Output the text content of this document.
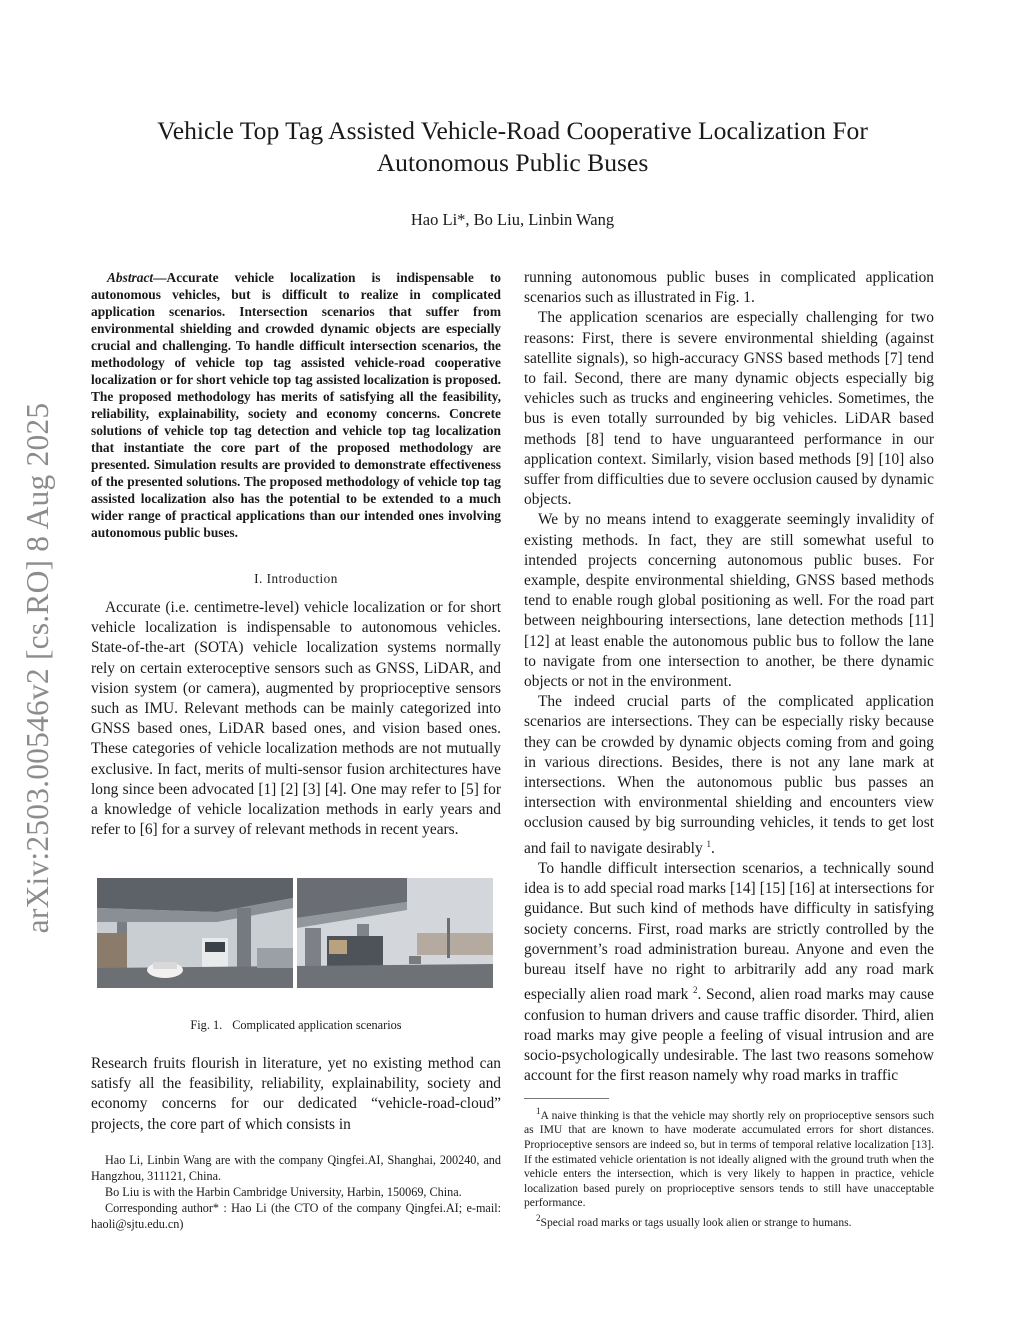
arXiv:2503.00546v2 [cs.RO] 8 Aug 2025
Vehicle Top Tag Assisted Vehicle-Road Cooperative Localization For
Autonomous Public Buses
Hao Li*, Bo Liu, Linbin Wang

Abstract—Accurate vehicle localization is indispensable to autonomous vehicles, but is difficult to realize in complicated application scenarios. Intersection scenarios that suffer from environmental shielding and crowded dynamic objects are especially crucial and challenging. To handle difficult intersection scenarios, the methodology of vehicle top tag assisted vehicle-road cooperative localization or for short vehicle top tag assisted localization is proposed. The proposed methodology has merits of satisfying all the feasibility, reliability, explainability, society and economy concerns. Concrete solutions of vehicle top tag detection and vehicle top tag localization that instantiate the core part of the proposed methodology are presented. Simulation results are provided to demonstrate effectiveness of the presented solutions. The proposed methodology of vehicle top tag assisted localization also has the potential to be extended to a much wider range of practical applications than our intended ones involving autonomous public buses.

I. Introduction

Accurate (i.e. centimetre-level) vehicle localization or for short vehicle localization is indispensable to autonomous vehicles. State-of-the-art (SOTA) vehicle localization systems normally rely on certain exteroceptive sensors such as GNSS, LiDAR, and vision system (or camera), augmented by proprioceptive sensors such as IMU. Relevant methods can be mainly categorized into GNSS based ones, LiDAR based ones, and vision based ones. These categories of vehicle localization methods are not mutually exclusive. In fact, merits of multi-sensor fusion architectures have long since been advocated [1] [2] [3] [4]. One may refer to [5] for a knowledge of vehicle localization methods in early years and refer to [6] for a survey of relevant methods in recent years.

Fig. 1. Complicated application scenarios

Research fruits flourish in literature, yet no existing method can satisfy all the feasibility, reliability, explainability, society and economy concerns for our dedicated “vehicle-road-cloud” projects, the core part of which consists in

Hao Li, Linbin Wang are with the company Qingfei.AI, Shanghai, 200240, and Hangzhou, 311121, China.

Bo Liu is with the Harbin Cambridge University, Harbin, 150069, China.

Corresponding author* : Hao Li (the CTO of the company Qingfei.AI; e-mail: haoli@sjtu.edu.cn)

running autonomous public buses in complicated application scenarios such as illustrated in Fig. 1.

The application scenarios are especially challenging for two reasons: First, there is severe environmental shielding (against satellite signals), so high-accuracy GNSS based methods [7] tend to fail. Second, there are many dynamic objects especially big vehicles such as trucks and engineering vehicles. Sometimes, the bus is even totally surrounded by big vehicles. LiDAR based methods [8] tend to have unguaranteed performance in our application context. Similarly, vision based methods [9] [10] also suffer from difficulties due to severe occlusion caused by dynamic objects.

We by no means intend to exaggerate seemingly invalidity of existing methods. In fact, they are still somewhat useful to intended projects concerning autonomous public buses. For example, despite environmental shielding, GNSS based methods tend to enable rough global positioning as well. For the road part between neighbouring intersections, lane detection methods [11] [12] at least enable the autonomous public bus to follow the lane to navigate from one intersection to another, be there dynamic objects or not in the environment.

The indeed crucial parts of the complicated application scenarios are intersections. They can be especially risky because they can be crowded by dynamic objects coming from and going in various directions. Besides, there is not any lane mark at intersections. When the autonomous public bus passes an intersection with environmental shielding and encounters view occlusion caused by big surrounding vehicles, it tends to get lost and fail to navigate desirably $^1$.

To handle difficult intersection scenarios, a technically sound idea is to add special road marks [14] [15] [16] at intersections for guidance. But such kind of methods have difficulty in satisfying society concerns. First, road marks are strictly controlled by the government’s road administration bureau. Anyone and even the bureau itself have no right to arbitrarily add any road mark especially alien road mark $^2$. Second, alien road marks may cause confusion to human drivers and cause traffic disorder. Third, alien road marks may give people a feeling of visual intrusion and are socio-psychologically undesirable. The last two reasons somehow account for the first reason namely why road marks in traffic

$^1$A naive thinking is that the vehicle may shortly rely on proprioceptive sensors such as IMU that are known to have moderate accumulated errors for short distances. Proprioceptive sensors are indeed so, but in terms of temporal relative localization [13]. If the estimated vehicle orientation is not ideally aligned with the ground truth when the vehicle enters the intersection, which is very likely to happen in practice, vehicle localization based purely on proprioceptive sensors tends to still have unacceptable performance.

$^2$Special road marks or tags usually look alien or strange to humans.
